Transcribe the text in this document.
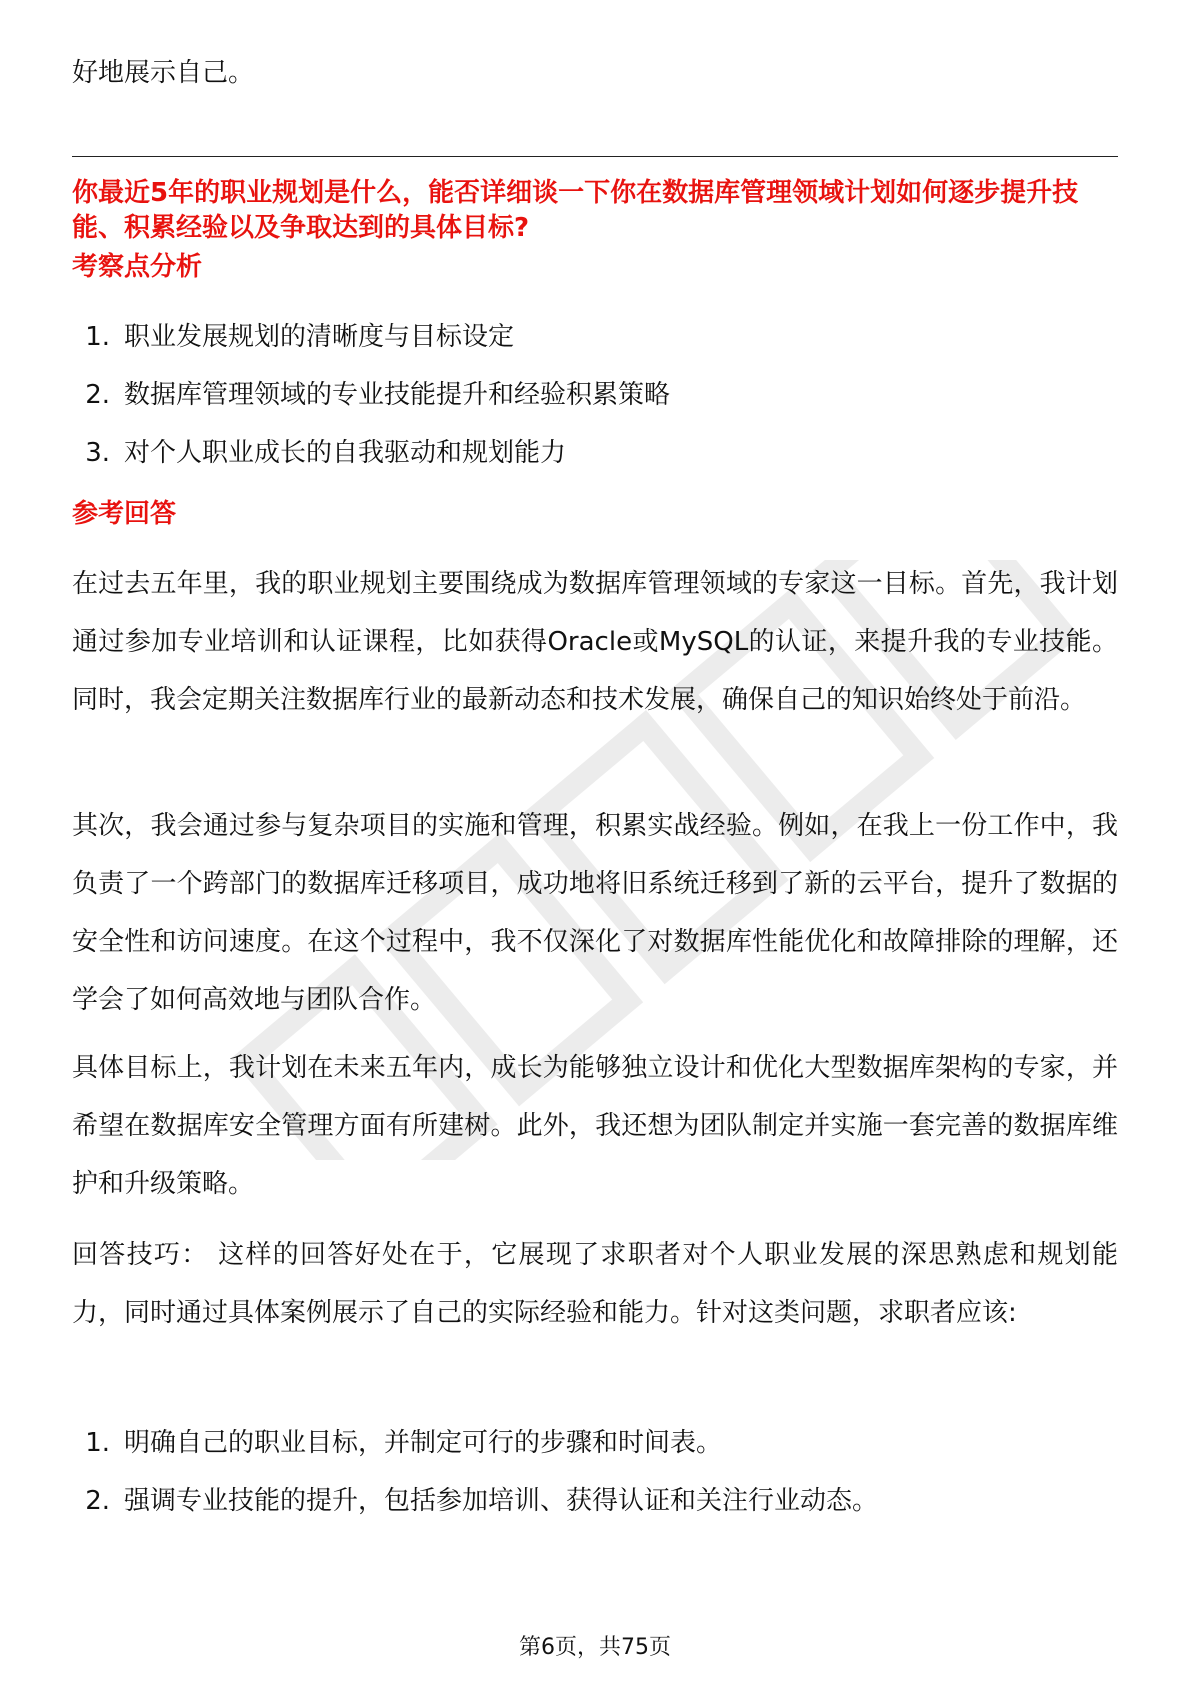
好地展示自己。
你最近5年的职业规划是什么，能否详细谈一下你在数据库管理领域计划如何逐步提升技能、积累经验以及争取达到的具体目标?
考察点分析
1. 职业发展规划的清晰度与目标设定
2. 数据库管理领域的专业技能提升和经验积累策略
3. 对个人职业成长的自我驱动和规划能力
参考回答

在过去五年里，我的职业规划主要围绕成为数据库管理领域的专家这一目标。首先，我计划通过参加专业培训和认证课程，比如获得Oracle或MySQL的认证，来提升我的专业技能。同时，我会定期关注数据库行业的最新动态和技术发展，确保自己的知识始终处于前沿。

其次，我会通过参与复杂项目的实施和管理，积累实战经验。例如，在我上一份工作中，我负责了一个跨部门的数据库迁移项目，成功地将旧系统迁移到了新的云平台，提升了数据的安全性和访问速度。在这个过程中，我不仅深化了对数据库性能优化和故障排除的理解，还学会了如何高效地与团队合作。

具体目标上，我计划在未来五年内，成长为能够独立设计和优化大型数据库架构的专家，并希望在数据库安全管理方面有所建树。此外，我还想为团队制定并实施一套完善的数据库维护和升级策略。

回答技巧： 这样的回答好处在于，它展现了求职者对个人职业发展的深思熟虑和规划能力，同时通过具体案例展示了自己的实际经验和能力。针对这类问题，求职者应该:

1. 明确自己的职业目标，并制定可行的步骤和时间表。
2. 强调专业技能的提升，包括参加培训、获得认证和关注行业动态。
第6页，共75页
